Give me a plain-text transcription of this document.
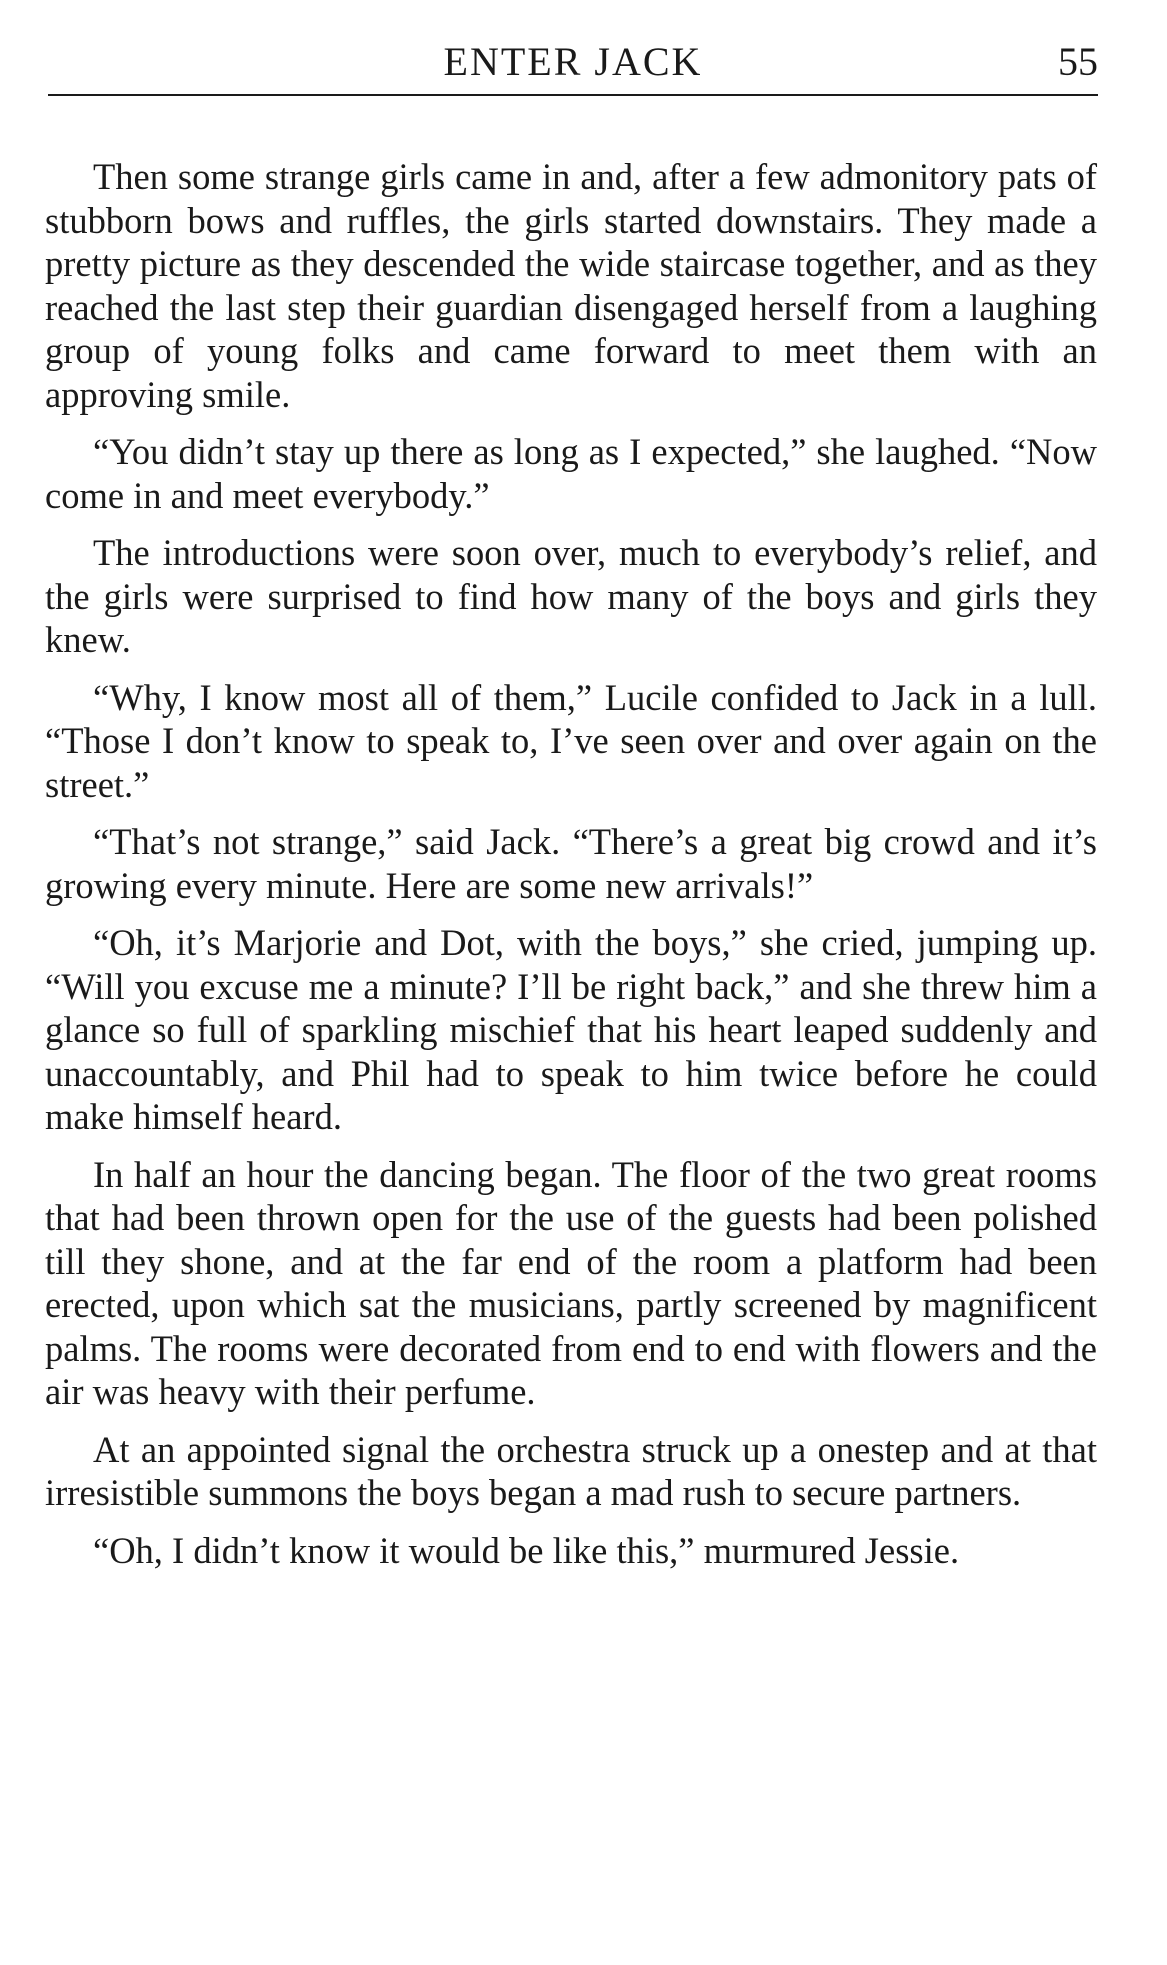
ENTER JACK	55

Then some strange girls came in and, after a few admonitory pats of stubborn bows and ruffles, the girls started downstairs. They made a pretty picture as they descended the wide staircase together, and as they reached the last step their guardian disengaged herself from a laughing group of young folks and came forward to meet them with an approving smile.

“You didn’t stay up there as long as I expected,” she laughed. “Now come in and meet everybody.”

The introductions were soon over, much to everybody’s relief, and the girls were surprised to find how many of the boys and girls they knew.

“Why, I know most all of them,” Lucile confided to Jack in a lull. “Those I don’t know to speak to, I’ve seen over and over again on the street.”

“That’s not strange,” said Jack. “There’s a great big crowd and it’s growing every minute. Here are some new arrivals!”

“Oh, it’s Marjorie and Dot, with the boys,” she cried, jumping up. “Will you excuse me a minute? I’ll be right back,” and she threw him a glance so full of sparkling mischief that his heart leaped suddenly and unaccountably, and Phil had to speak to him twice before he could make himself heard.

In half an hour the dancing began. The floor of the two great rooms that had been thrown open for the use of the guests had been polished till they shone, and at the far end of the room a platform had been erected, upon which sat the musicians, partly screened by magnificent palms. The rooms were decorated from end to end with flowers and the air was heavy with their perfume.

At an appointed signal the orchestra struck up a onestep and at that irresistible summons the boys began a mad rush to secure partners.

“Oh, I didn’t know it would be like this,” murmured Jessie.
